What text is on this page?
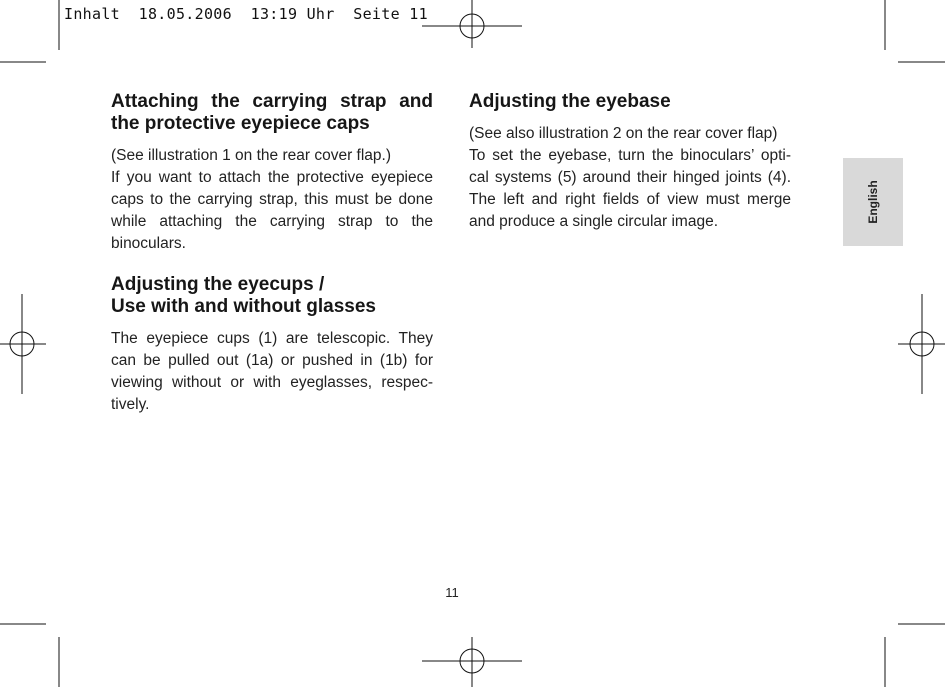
Inhalt  18.05.2006  13:19 Uhr  Seite 11
Attaching the carrying strap and
the protective eyepiece caps

(See illustration 1 on the rear cover flap.)

If you want to attach the protective eyepiece

caps to the carrying strap, this must be done

while attaching the carrying strap to the

binoculars.

Adjusting the eyecups /
Use with and without glasses

The eyepiece cups (1) are telescopic. They

can be pulled out (1a) or pushed in (1b) for

viewing without or with eyeglasses, respec-

tively.

Adjusting the eyebase

(See also illustration 2 on the rear cover flap)

To set the eyebase, turn the binoculars’ opti-

cal systems (5) around their hinged joints (4).

The left and right fields of view must merge

and produce a single circular image.	English
11
